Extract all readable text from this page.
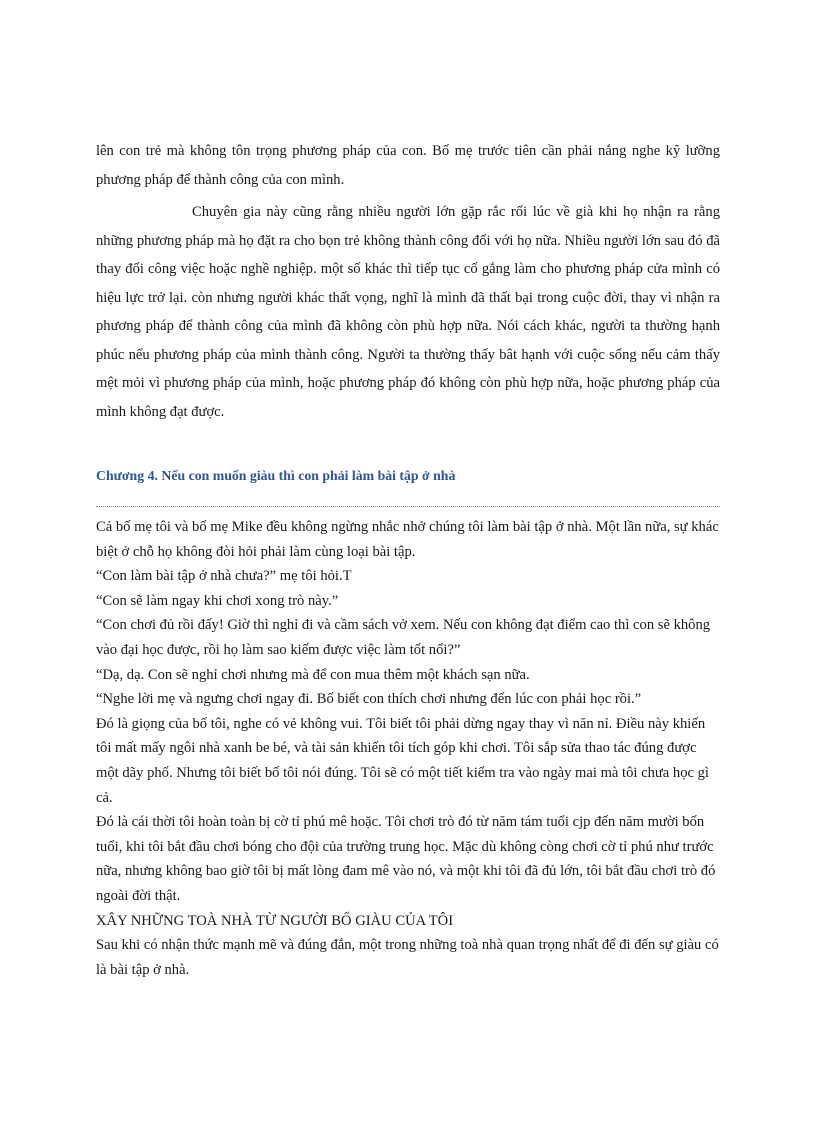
lên con trẻ mà không tôn trọng phương pháp của con. Bố mẹ trước tiên cần phải nắng nghe kỹ lưỡng phương pháp để thành công của con mình.

Chuyên gia này cũng rằng nhiều người lớn gặp rắc rối lúc về già khi họ nhận ra rằng những phương pháp mà họ đặt ra cho bọn trẻ không thành công đối với họ nữa. Nhiều người lớn sau đó đã thay đổi công việc hoặc nghề nghiệp. một số khác thì tiếp tục cố gắng làm cho phương pháp cửa mình có hiệu lực trở lại. còn nhưng người khác thất vọng, nghĩ là mình đã thất bại trong cuộc đời, thay vì nhận ra phương pháp để thành công của mình đã không còn phù hợp nữa. Nói cách khác, người ta thường hạnh phúc nếu phương pháp của mình thành công. Người ta thường thấy bât hạnh với cuộc sống nếu cảm thấy mệt mỏi vì phương pháp của mình, hoặc phương pháp đó không còn phù hợp nữa, hoặc phương pháp của mình không đạt được.

Chương 4. Nếu con muốn giàu thì con phải làm bài tập ở nhà

Cả bố mẹ tôi và bố mẹ Mike đều không ngừng nhắc nhở chúng tôi làm bài tập ở nhà. Một lần nữa, sự khác biệt ở chỗ họ không đòi hỏi phải làm cùng loại bài tập.

“Con làm bài tập ở nhà chưa?” mẹ tôi hỏi.T

“Con sẽ làm ngay khi chơi xong trò này.”

“Con chơi đủ rồi đấy! Giờ thì nghỉ đi và cầm sách vở xem. Nếu con không đạt điểm cao thì con sẽ không vào đại học được, rồi họ làm sao kiếm được việc làm tốt nổi?”

“Dạ, dạ. Con sẽ nghỉ chơi nhưng mà để con mua thêm một khách sạn nữa.

“Nghe lời mẹ và ngưng chơi ngay đi. Bố biết con thích chơi nhưng đến lúc con phải học rồi.”

Đó là giọng của bố tôi, nghe có vẻ không vui. Tôi biết tôi phải dừng ngay thay vì năn nỉ. Điều này khiến tôi mất mấy ngôi nhà xanh be bé, và tài sản khiến tôi tích góp khi chơi. Tôi sắp sửa thao tác đúng được một dãy phố. Nhưng tôi biết bố tôi nói đúng. Tôi sẽ có một tiết kiểm tra vào ngày mai mà tôi chưa học gì cả.

Đó là cái thời tôi hoàn toàn bị cờ tỉ phú mê hoặc. Tôi chơi trò đó từ năm tám tuổi cjp đến năm mười bốn tuổi, khi tôi bắt đầu chơi bóng cho đội của trường trung học. Mặc dù không còng chơi cờ tỉ phú như trước nữa, nhưng không bao giờ tôi bị mất lòng đam mê vào nó, và một khi tôi đã đủ lớn, tôi bắt đầu chơi trò đó ngoài đời thật.

XÂY NHỮNG TOÀ NHÀ TỪ NGƯỜI BỐ GIÀU CỦA TÔI

Sau khi có nhận thức mạnh mẽ và đúng đắn, một trong những toà nhà quan trọng nhất để đi đến sự giàu có là bài tập ở nhà.
